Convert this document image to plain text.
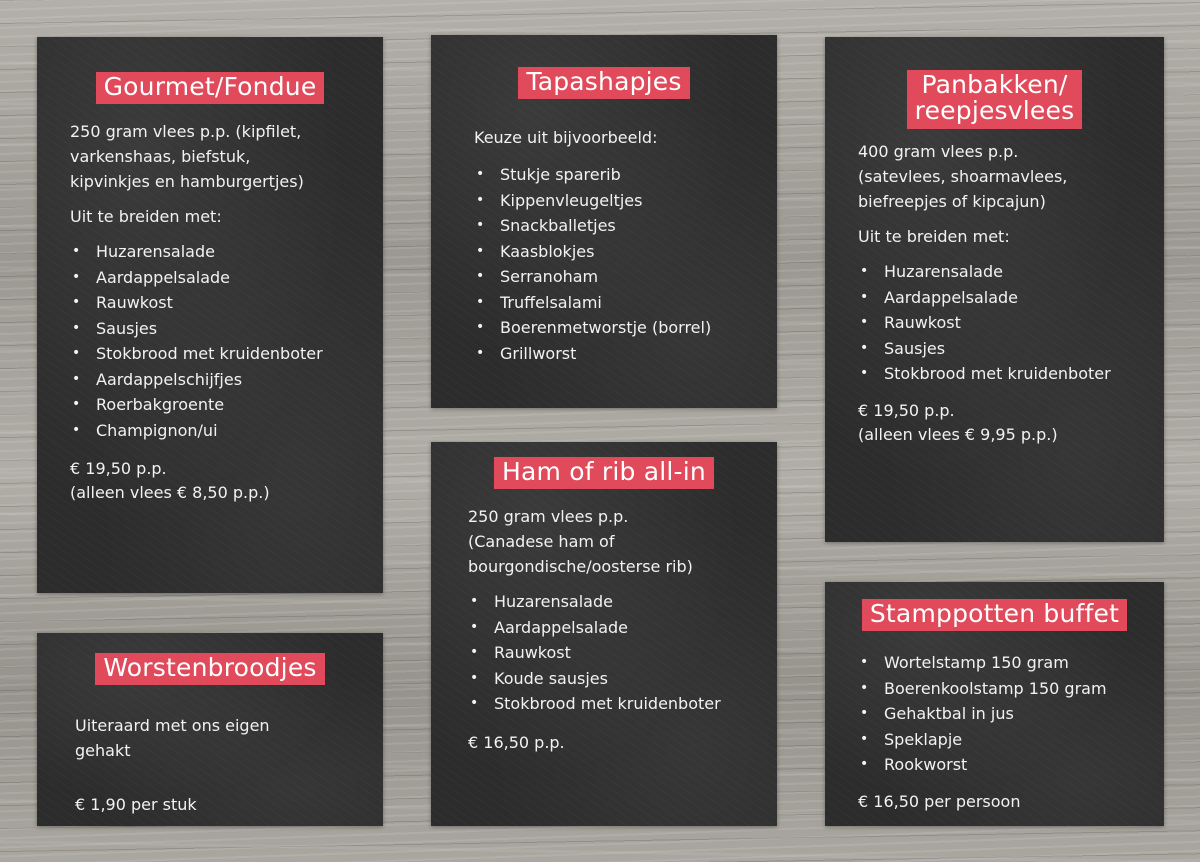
Gourmet/Fondue

250 gram vlees p.p. (kipfilet,

varkenshaas, biefstuk,

kipvinkjes en hamburgertjes)

Uit te breiden met:

• Huzarensalade
• Aardappelsalade
• Rauwkost
• Sausjes
• Stokbrood met kruidenboter
• Aardappelschijfjes
• Roerbakgroente
• Champignon/ui

€ 19,50 p.p.

(alleen vlees € 8,50 p.p.)

Tapashapjes

Keuze uit bijvoorbeeld:

• Stukje sparerib
• Kippenvleugeltjes
• Snackballetjes
• Kaasblokjes
• Serranoham
• Truffelsalami
• Boerenmetworstje (borrel)
• Grillworst
Panbakken/
reepjesvlees

400 gram vlees p.p.

(satevlees, shoarmavlees,

biefreepjes of kipcajun)

Uit te breiden met:

• Huzarensalade
• Aardappelsalade
• Rauwkost
• Sausjes
• Stokbrood met kruidenboter

€ 19,50 p.p.

(alleen vlees € 9,95 p.p.)

Ham of rib all-in

250 gram vlees p.p.

(Canadese ham of

bourgondische/oosterse rib)

• Huzarensalade
• Aardappelsalade
• Rauwkost
• Koude sausjes
• Stokbrood met kruidenboter

€ 16,50 p.p.

Worstenbroodjes

Uiteraard met ons eigen

gehakt

€ 1,90 per stuk

Stamppotten buffet
• Wortelstamp 150 gram
• Boerenkoolstamp 150 gram
• Gehaktbal in jus
• Speklapje
• Rookworst

€ 16,50 per persoon
